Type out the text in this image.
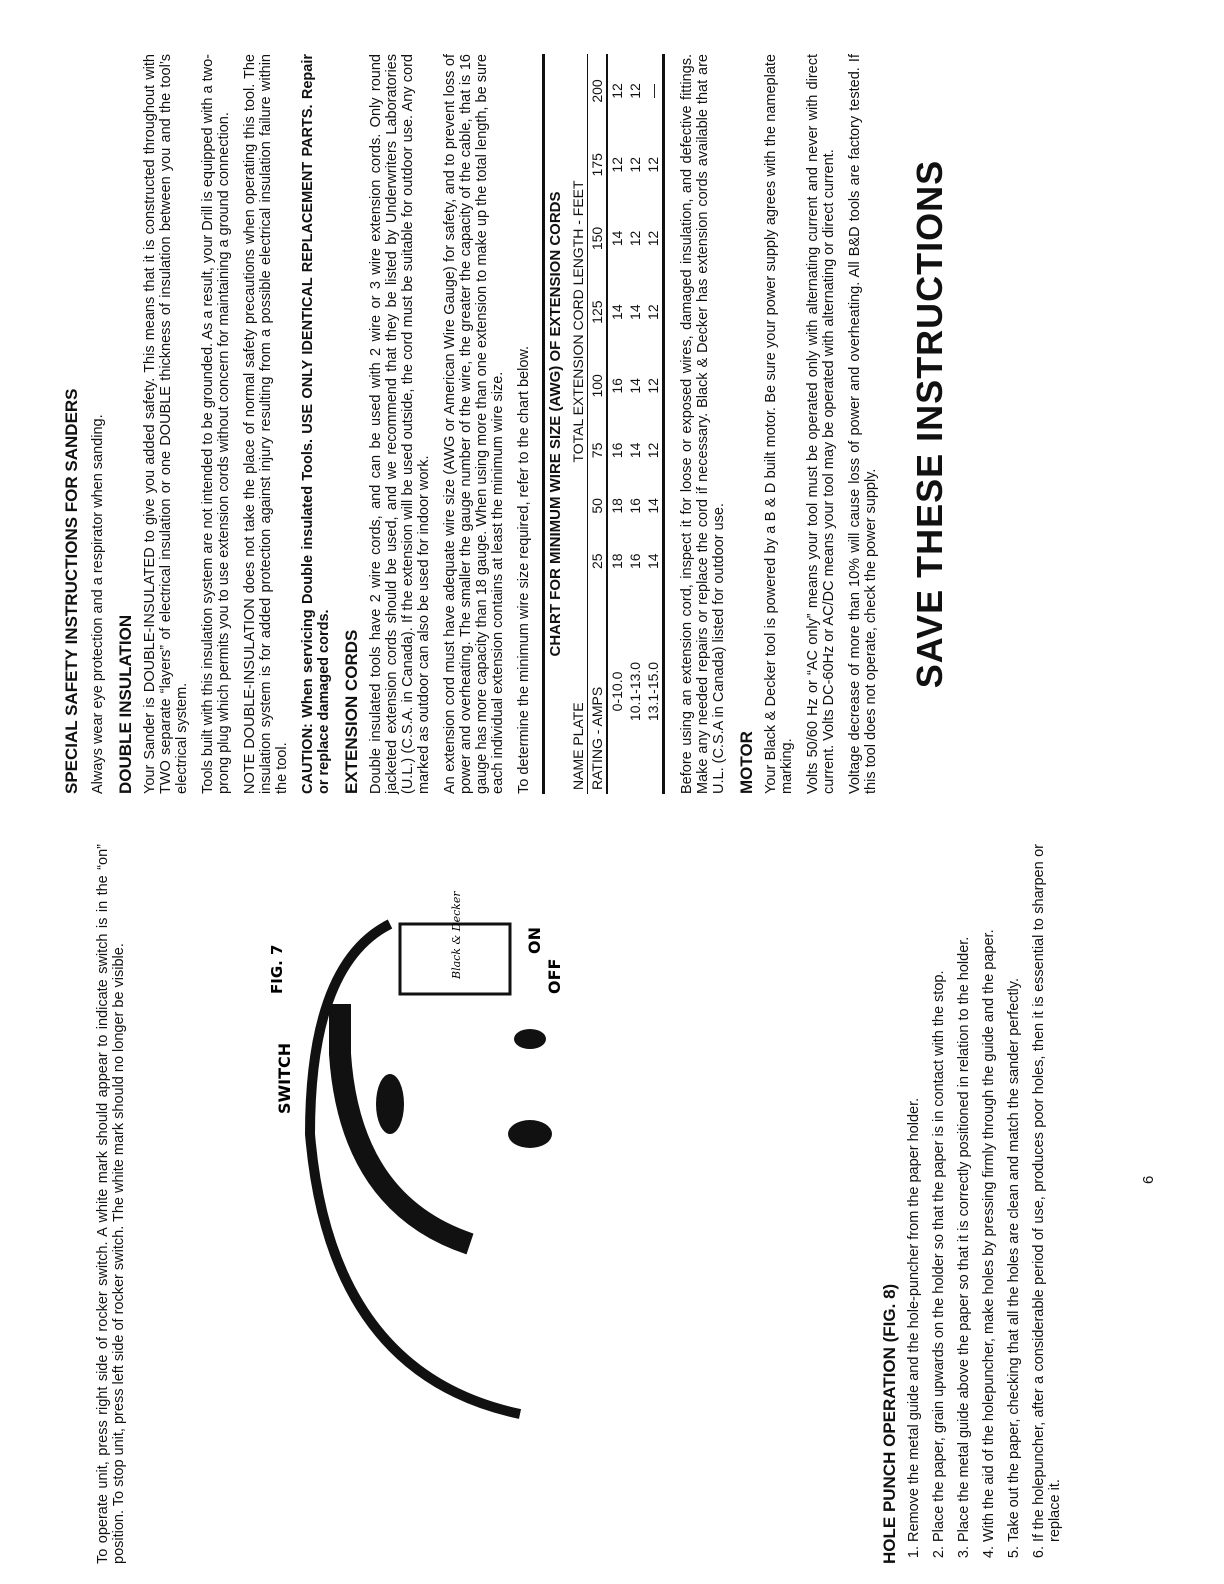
To operate unit, press right side of rocker switch. A white mark should appear to indicate switch is in the “on” position. To stop unit, press left side of rocker switch. The white mark should no longer be visible.	SWITCH
ON
OFF
FIG. 7	Black & Decker
HOLE PUNCH OPERATION (FIG. 8) 1. Remove the metal guide and the hole-puncher from the paper holder. 2. Place the paper, grain upwards on the holder so that the paper is in contact with the stop. 3. Place the metal guide above the paper so that it is correctly positioned in relation to the holder. 4. With the aid of the holepuncher, make holes by pressing firmly through the guide and the paper. 5. Take out the paper, checking that all the holes are clean and match the sander perfectly. 6. If the holepuncher, after a considerable period of use, produces poor holes, then it is essential to sharpen or replace it.
6
SPECIAL SAFETY INSTRUCTIONS FOR SANDERS Always wear eye protection and a respirator when sanding. DOUBLE INSULATION Your Sander is DOUBLE-INSULATED to give you added safety. This means that it is constructed throughout with TWO separate “layers” of electrical insulation or one DOUBLE thickness of insulation between you and the tool’s electrical system. Tools built with this insulation system are not intended to be grounded. As a result, your Drill is equipped with a two-prong plug which permits you to use extension cords without concern for maintaining a ground connection. NOTE DOUBLE-INSULATION does not take the place of normal safety precautions when operating this tool. The insulation system is for added protection against injury resulting from a possible electrical insulation failure within the tool. CAUTION: When servicing Double insulated Tools. USE ONLY IDENTICAL REPLACEMENT PARTS. Repair or replace damaged cords. EXTENSION CORDS Double insulated tools have 2 wire cords, and can be used with 2 wire or 3 wire extension cords. Only round jacketed extension cords should be used, and we recommend that they be listed by Underwriters Laboratories (U.L.) (C.S.A. in Canada). If the extension will be used outside, the cord must be suitable for outdoor use. Any cord marked as outdoor can also be used for indoor work. An extension cord must have adequate wire size (AWG or American Wire Gauge) for safety, and to prevent loss of power and overheating. The smaller the gauge number of the wire, the greater the capacity of the cable, that is 16 gauge has more capacity than 18 gauge. When using more than one extension to make up the total length, be sure each individual extension contains at least the minimum wire size. To determine the minimum wire size required, refer to the chart below.	CHART FOR MINIMUM WIRE SIZE (AWG) OF EXTENSION CORDS
NAME PLATE	TOTAL EXTENSION CORD LENGTH - FEET							
RATING - AMPS	25	50	75	100	125	150	175	200
0-10.0	18	18	16	16	14	14	12	12
10.1-13.0	16	16	14	14	14	12	12	12
13.1-15.0	14	14	12	12	12	12	12	— Before using an extension cord, inspect it for loose or exposed wires, damaged insulation, and defective fittings. Make any needed repairs or replace the cord if necessary. Black & Decker has extension cords available that are U.L. (C.S.A in Canada) listed for outdoor use. MOTOR Your Black & Decker tool is powered by a B & D built motor. Be sure your power supply agrees with the nameplate marking. Volts 50/60 Hz or “AC only” means your tool must be operated only with alternating current and never with direct current. Volts DC-60Hz or AC/DC means your tool may be operated with alternating or direct current. Voltage decrease of more than 10% will cause loss of power and overheating. All B&D tools are factory tested. If this tool does not operate, check the power supply. SAVE THESE INSTRUCTIONS
